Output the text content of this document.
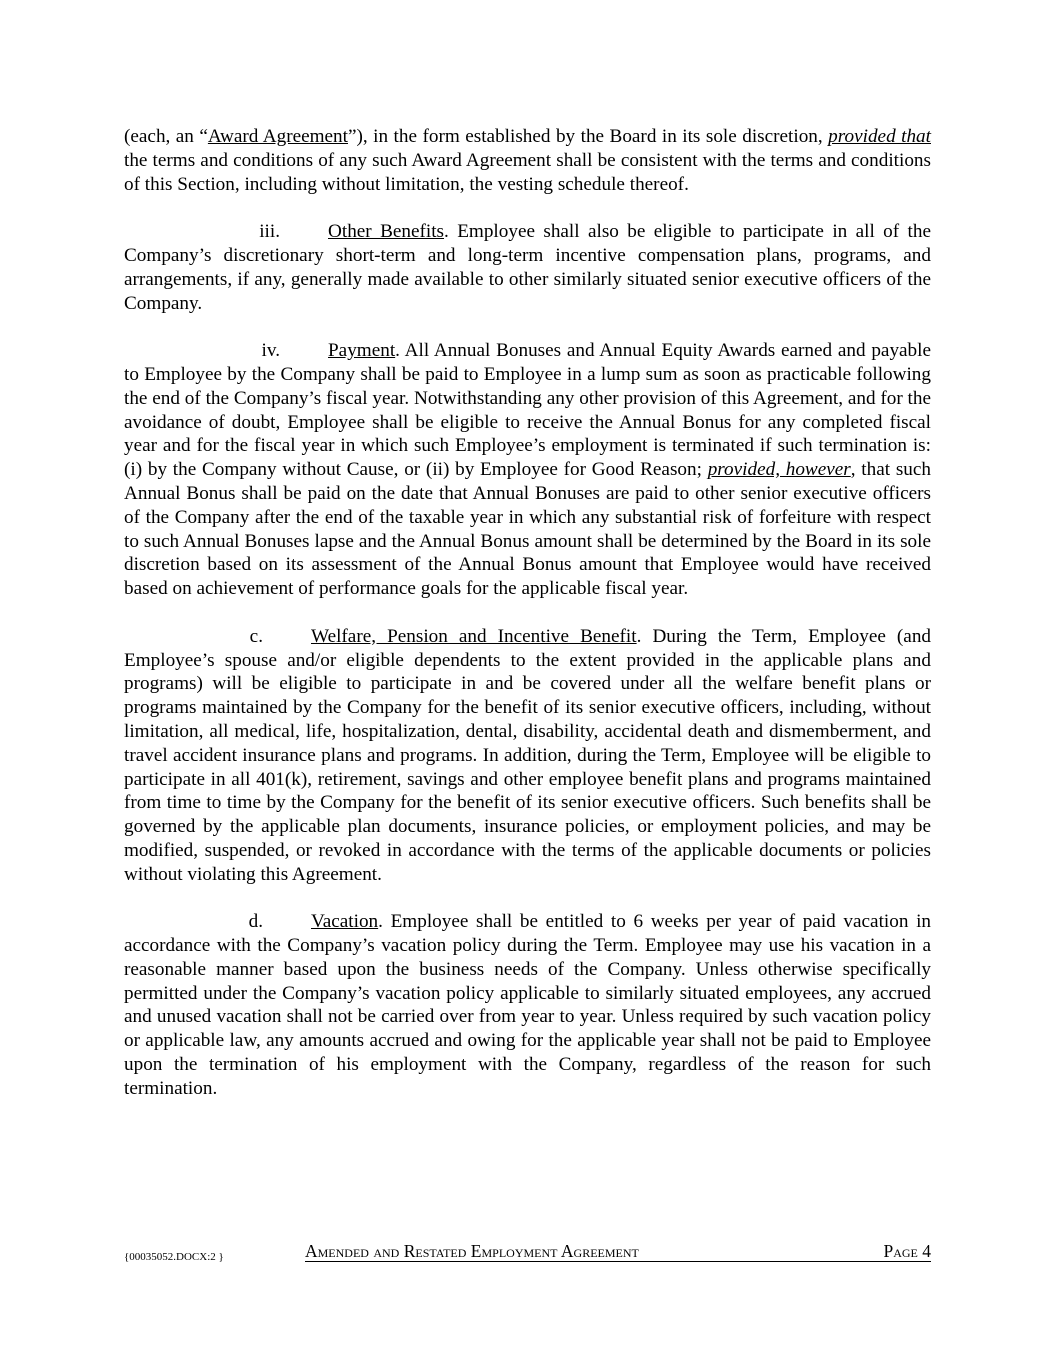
(each, an “Award Agreement”), in the form established by the Board in its sole discretion, provided that the terms and conditions of any such Award Agreement shall be consistent with the terms and conditions of this Section, including without limitation, the vesting schedule thereof.

iii.	Other Benefits. Employee shall also be eligible to participate in all of the Company’s discretionary short-term and long-term incentive compensation plans, programs, and arrangements, if any, generally made available to other similarly situated senior executive officers of the Company.

iv.	Payment. All Annual Bonuses and Annual Equity Awards earned and payable to Employee by the Company shall be paid to Employee in a lump sum as soon as practicable following the end of the Company’s fiscal year. Notwithstanding any other provision of this Agreement, and for the avoidance of doubt, Employee shall be eligible to receive the Annual Bonus for any completed fiscal year and for the fiscal year in which such Employee’s employment is terminated if such termination is: (i) by the Company without Cause, or (ii) by Employee for Good Reason; provided, however, that such Annual Bonus shall be paid on the date that Annual Bonuses are paid to other senior executive officers of the Company after the end of the taxable year in which any substantial risk of forfeiture with respect to such Annual Bonuses lapse and the Annual Bonus amount shall be determined by the Board in its sole discretion based on its assessment of the Annual Bonus amount that Employee would have received based on achievement of performance goals for the applicable fiscal year.

c.	Welfare, Pension and Incentive Benefit. During the Term, Employee (and Employee’s spouse and/or eligible dependents to the extent provided in the applicable plans and programs) will be eligible to participate in and be covered under all the welfare benefit plans or programs maintained by the Company for the benefit of its senior executive officers, including, without limitation, all medical, life, hospitalization, dental, disability, accidental death and dismemberment, and travel accident insurance plans and programs. In addition, during the Term, Employee will be eligible to participate in all 401(k), retirement, savings and other employee benefit plans and programs maintained from time to time by the Company for the benefit of its senior executive officers. Such benefits shall be governed by the applicable plan documents, insurance policies, or employment policies, and may be modified, suspended, or revoked in accordance with the terms of the applicable documents or policies without violating this Agreement.

d.	Vacation. Employee shall be entitled to 6 weeks per year of paid vacation in accordance with the Company’s vacation policy during the Term. Employee may use his vacation in a reasonable manner based upon the business needs of the Company. Unless otherwise specifically permitted under the Company’s vacation policy applicable to similarly situated employees, any accrued and unused vacation shall not be carried over from year to year. Unless required by such vacation policy or applicable law, any amounts accrued and owing for the applicable year shall not be paid to Employee upon the termination of his employment with the Company, regardless of the reason for such termination.

{00035052.DOCX:2 }	Amended and Restated Employment Agreement	Page 4
